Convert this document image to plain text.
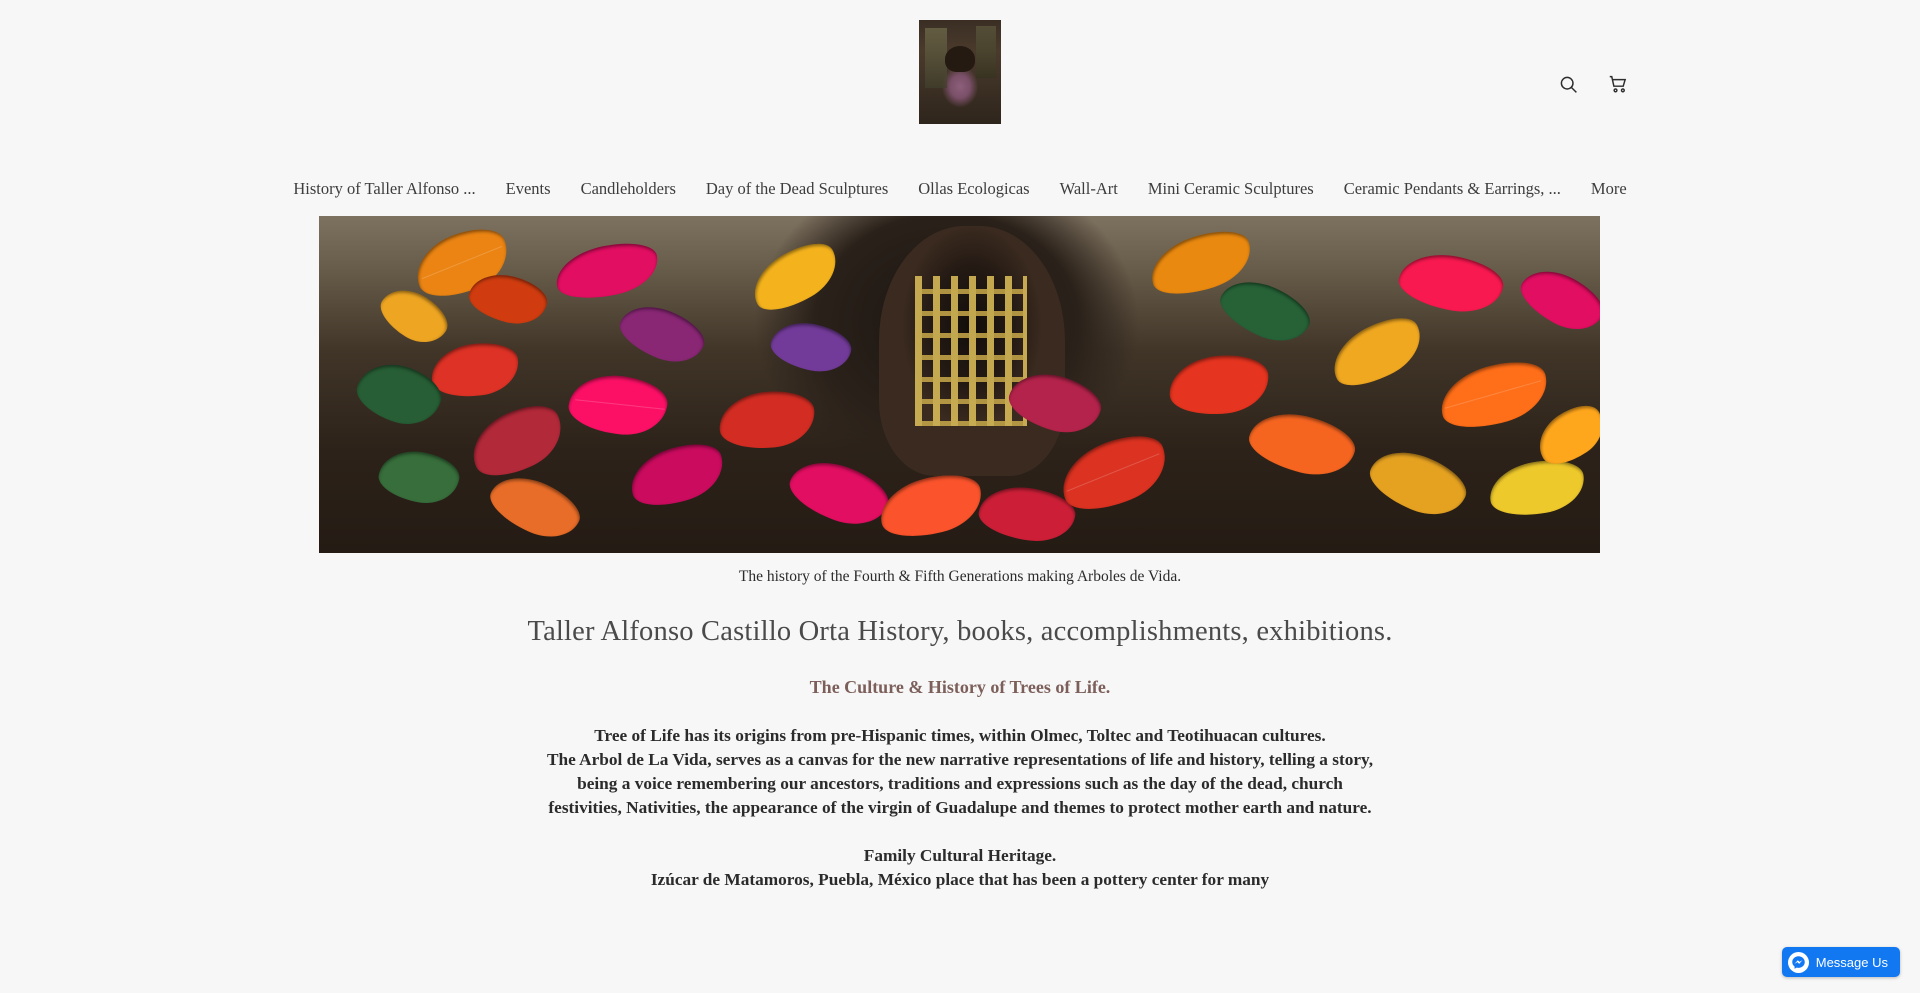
History of Taller Alfonso ...	Events	Candleholders	Day of the Dead Sculptures	Ollas Ecologicas	Wall-Art	Mini Ceramic Sculptures	Ceramic Pendants & Earrings, ...	More

The history of the Fourth & Fifth Generations making Arboles de Vida.

Taller Alfonso Castillo Orta History, books, accomplishments, exhibitions.
The Culture & History of Trees of Life.

Tree of Life has its origins from pre-Hispanic times, within Olmec, Toltec and Teotihuacan cultures.

The Arbol de La Vida, serves as a canvas for the new narrative representations of life and history, telling a story, being a voice remembering our ancestors, traditions and expressions such as the day of the dead, church festivities, Nativities, the appearance of the virgin of Guadalupe and themes to protect mother earth and nature.

Family Cultural Heritage.

Izúcar de Matamoros, Puebla, México place that has been a pottery center for many

Message Us
